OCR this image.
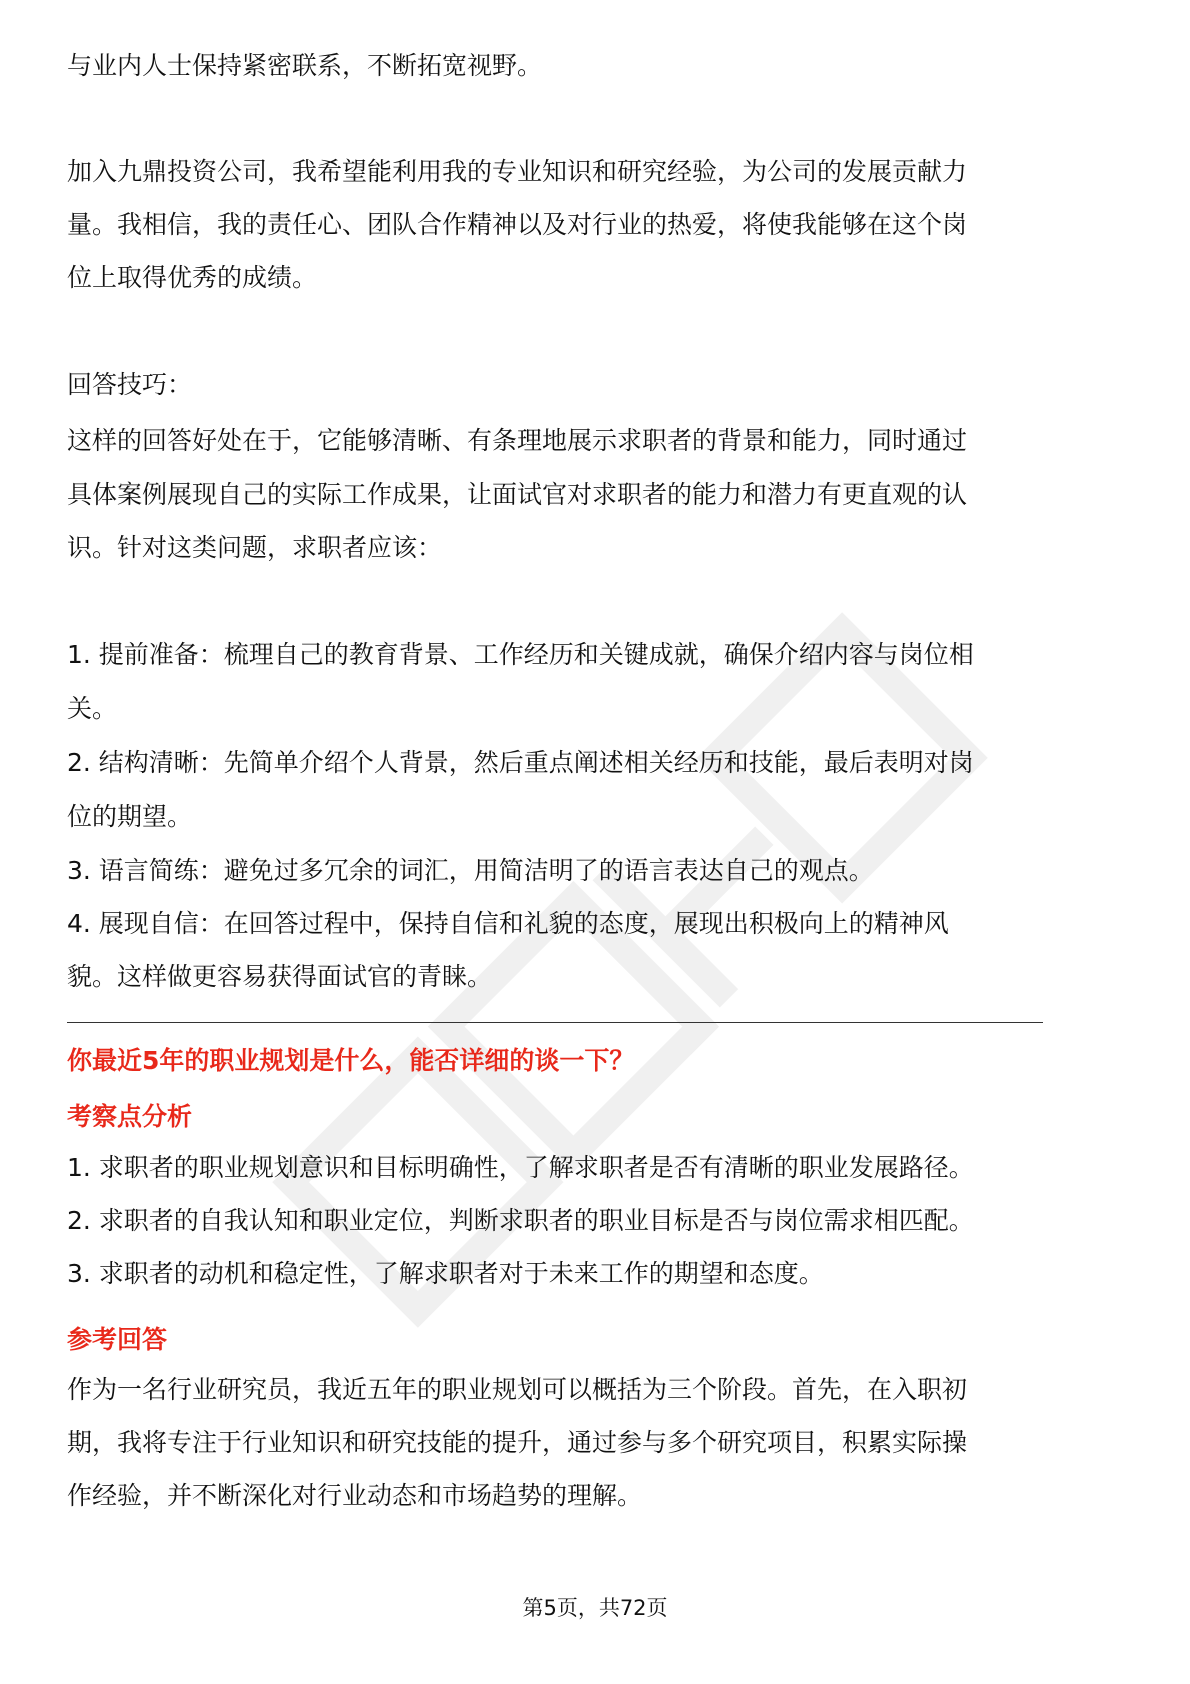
与业内人士保持紧密联系，不断拓宽视野。
加入九鼎投资公司，我希望能利用我的专业知识和研究经验，为公司的发展贡献力
量。我相信，我的责任心、团队合作精神以及对行业的热爱，将使我能够在这个岗
位上取得优秀的成绩。
回答技巧：
这样的回答好处在于，它能够清晰、有条理地展示求职者的背景和能力，同时通过
具体案例展现自己的实际工作成果，让面试官对求职者的能力和潜力有更直观的认
识。针对这类问题，求职者应该：
1. 提前准备：梳理自己的教育背景、工作经历和关键成就，确保介绍内容与岗位相
关。
2. 结构清晰：先简单介绍个人背景，然后重点阐述相关经历和技能，最后表明对岗
位的期望。
3. 语言简练：避免过多冗余的词汇，用简洁明了的语言表达自己的观点。
4. 展现自信：在回答过程中，保持自信和礼貌的态度，展现出积极向上的精神风
貌。这样做更容易获得面试官的青睐。
你最近5年的职业规划是什么，能否详细的谈一下？
考察点分析
1. 求职者的职业规划意识和目标明确性，了解求职者是否有清晰的职业发展路径。
2. 求职者的自我认知和职业定位，判断求职者的职业目标是否与岗位需求相匹配。
3. 求职者的动机和稳定性，了解求职者对于未来工作的期望和态度。
参考回答
作为一名行业研究员，我近五年的职业规划可以概括为三个阶段。首先，在入职初
期，我将专注于行业知识和研究技能的提升，通过参与多个研究项目，积累实际操
作经验，并不断深化对行业动态和市场趋势的理解。
第5页，共72页
